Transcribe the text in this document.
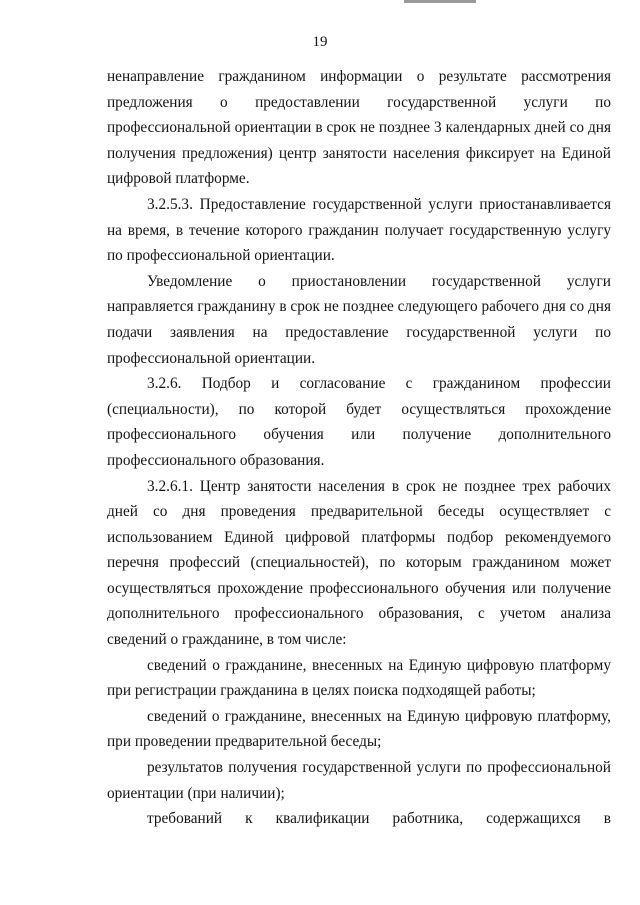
19

ненаправление гражданином информации о результате рассмотрения предложения о предоставлении государственной услуги по профессиональной ориентации в срок не позднее 3 календарных дней со дня получения предложения) центр занятости населения фиксирует на Единой цифровой платформе.

3.2.5.3. Предоставление государственной услуги приостанавливается на время, в течение которого гражданин получает государственную услугу по профессиональной ориентации.

Уведомление о приостановлении государственной услуги направляется гражданину в срок не позднее следующего рабочего дня со дня подачи заявления на предоставление государственной услуги по профессиональной ориентации.

3.2.6. Подбор и согласование с гражданином профессии (специальности), по которой будет осуществляться прохождение профессионального обучения или получение дополнительного профессионального образования.

3.2.6.1. Центр занятости населения в срок не позднее трех рабочих дней со дня проведения предварительной беседы осуществляет с использованием Единой цифровой платформы подбор рекомендуемого перечня профессий (специальностей), по которым гражданином может осуществляться прохождение профессионального обучения или получение дополнительного профессионального образования, с учетом анализа сведений о гражданине, в том числе:

сведений о гражданине, внесенных на Единую цифровую платформу при регистрации гражданина в целях поиска подходящей работы;

сведений о гражданине, внесенных на Единую цифровую платформу, при проведении предварительной беседы;

результатов получения государственной услуги по профессиональной ориентации (при наличии);

требований к квалификации работника, содержащихся в
